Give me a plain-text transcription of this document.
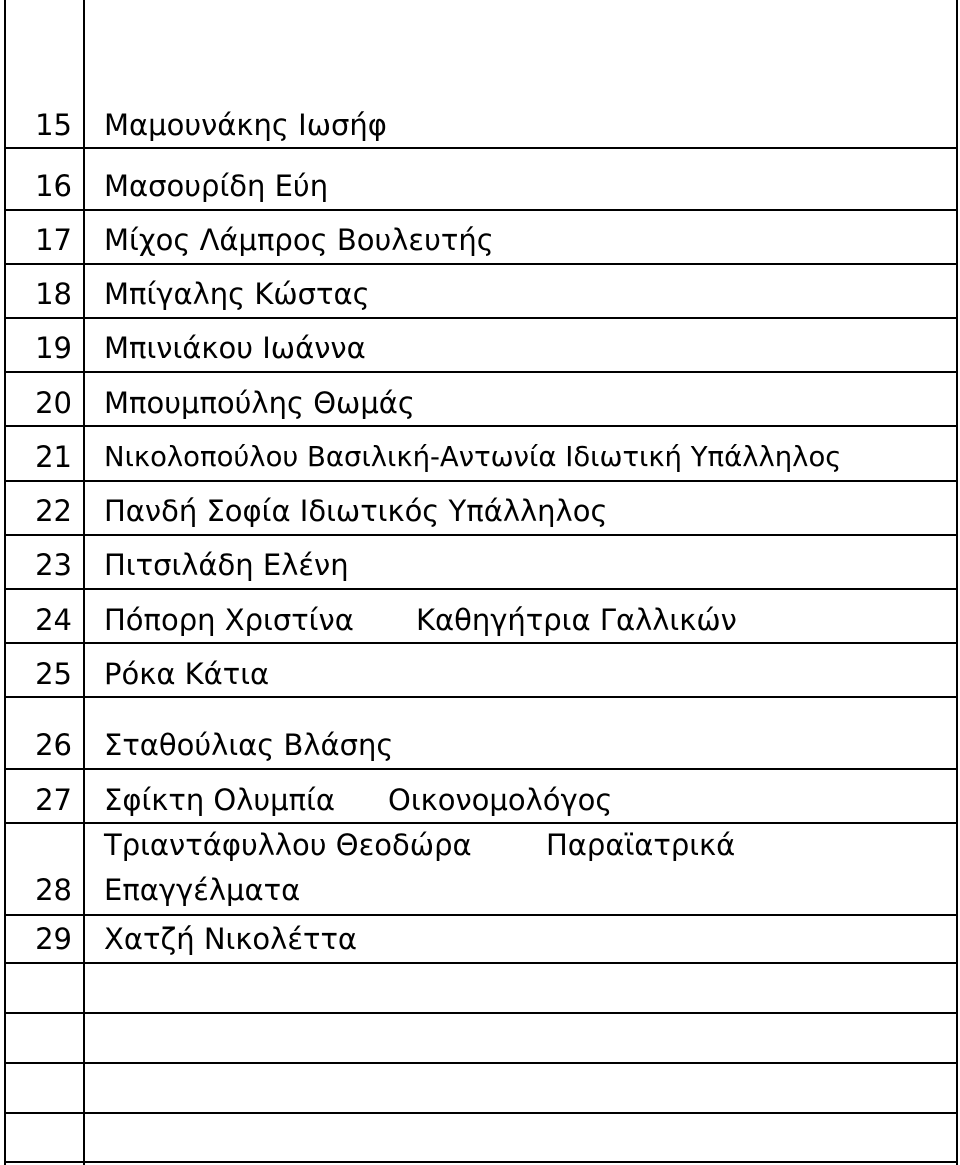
15 Μαμουνάκης Ιωσήφ
16 Μασουρίδη Εύη
17 Μίχος Λάμπρος Βουλευτής
18 Μπίγαλης Κώστας
19 Μπινιάκου Ιωάννα
20 Μπουμπούλης Θωμάς
21 Νικολοπούλου Βασιλική-Αντωνία Ιδιωτική Υπάλληλος
22 Πανδή Σοφία Ιδιωτικός Υπάλληλος
23 Πιτσιλάδη Ελένη
24 Πόπορη Χριστίνα Καθηγήτρια Γαλλικών
25 Ρόκα Κάτια
26 Σταθούλιας Βλάσης
27 Σφίκτη Ολυμπία Οικονομολόγος
Τριαντάφυλλου Θεοδώρα	Παραϊατρικά
28 Επαγγέλματα
29 Χατζή Νικολέττα
